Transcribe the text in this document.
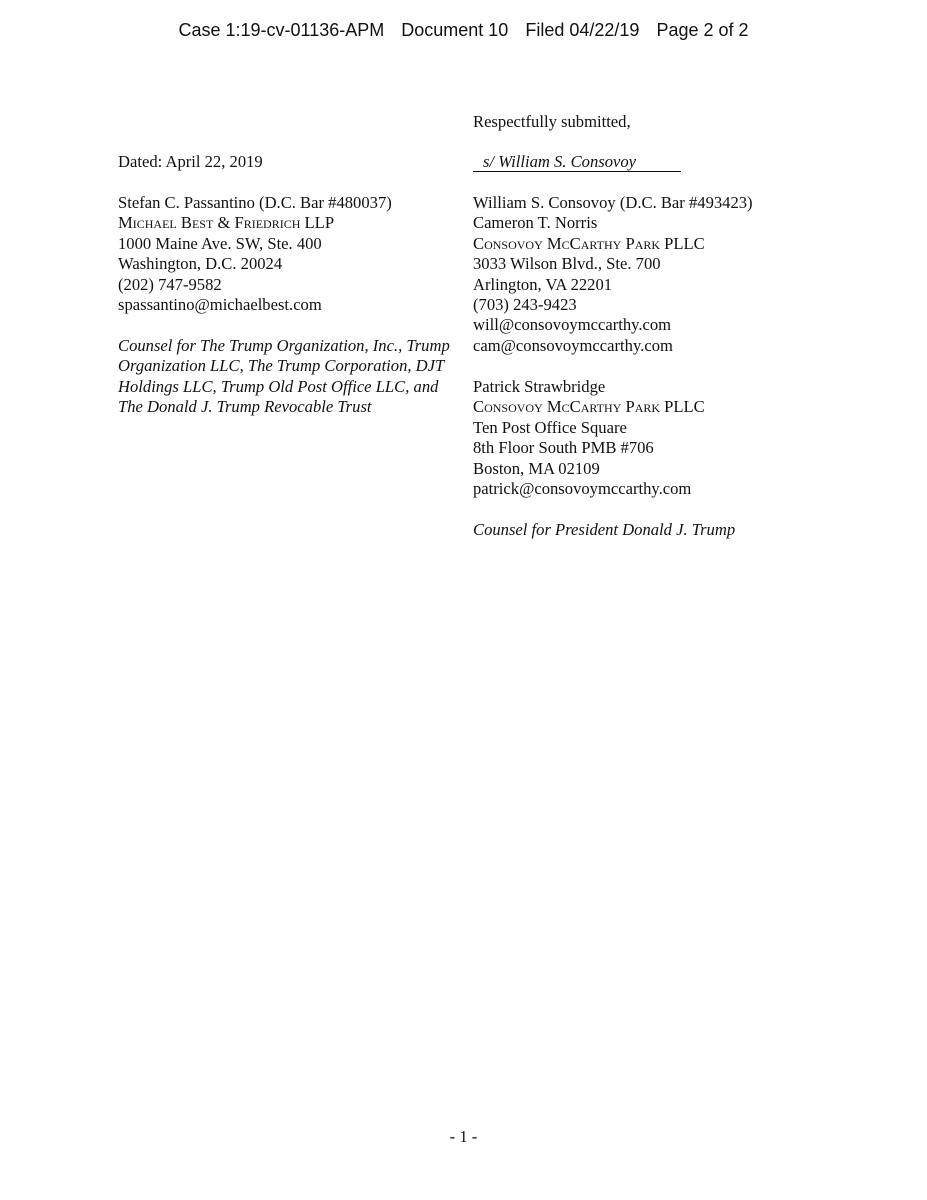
Case 1:19-cv-01136-APM Document 10 Filed 04/22/19 Page 2 of 2
Respectfully submitted,
s/ William S. Consovoy
Dated: April 22, 2019
Stefan C. Passantino (D.C. Bar #480037)
Michael Best & Friedrich LLP
1000 Maine Ave. SW, Ste. 400
Washington, D.C. 20024
(202) 747-9582
spassantino@michaelbest.com
Counsel for The Trump Organization, Inc., Trump
Organization LLC, The Trump Corporation, DJT
Holdings LLC, Trump Old Post Office LLC, and
The Donald J. Trump Revocable Trust
William S. Consovoy (D.C. Bar #493423)
Cameron T. Norris
Consovoy McCarthy Park PLLC
3033 Wilson Blvd., Ste. 700
Arlington, VA 22201
(703) 243-9423
will@consovoymccarthy.com
cam@consovoymccarthy.com
Patrick Strawbridge
Consovoy McCarthy Park PLLC
Ten Post Office Square
8th Floor South PMB #706
Boston, MA 02109
patrick@consovoymccarthy.com
Counsel for President Donald J. Trump
- 1 -
